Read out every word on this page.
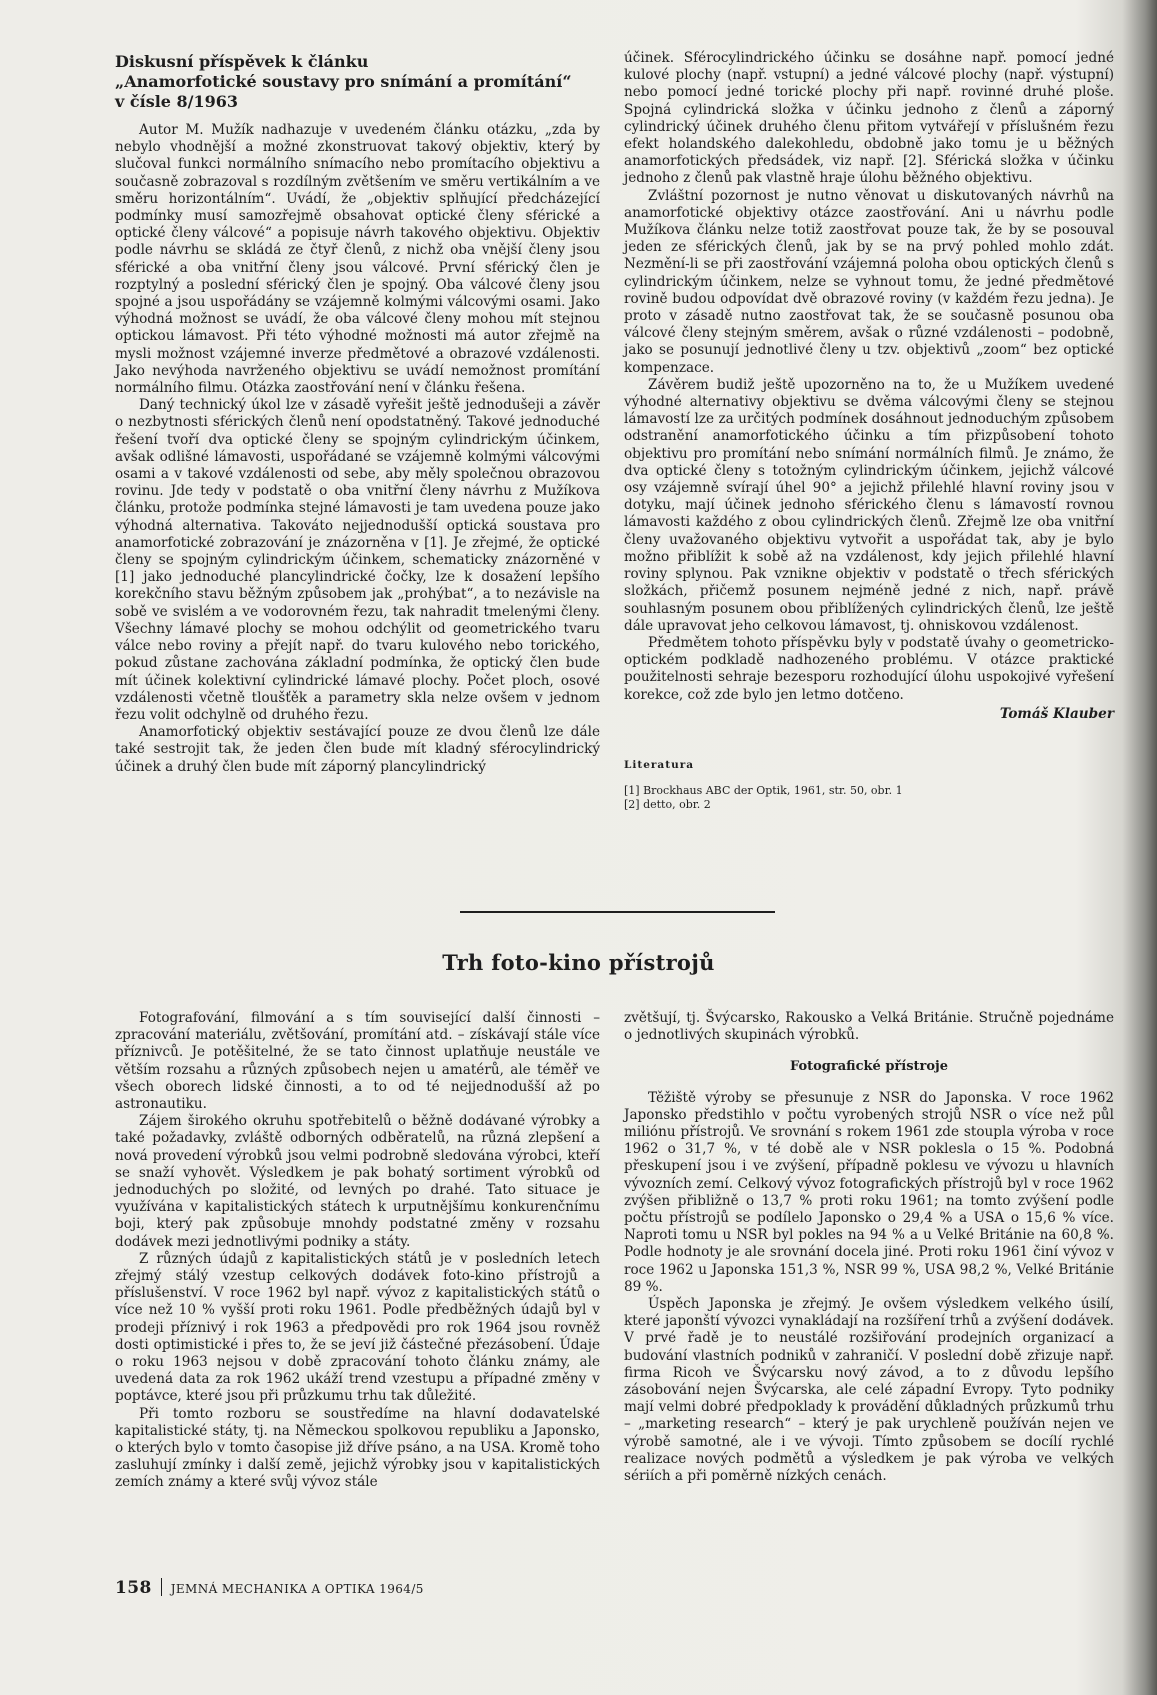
Diskusní příspěvek k článku
„Anamorfotické soustavy pro snímání a promítání“
v čísle 8/1963

Autor M. Mužík nadhazuje v uvedeném článku otázku, „zda by nebylo vhodnější a možné zkonstruovat takový objektiv, který by slučoval funkci normálního snímacího nebo promítacího objektivu a současně zobrazoval s rozdílným zvětšením ve směru vertikálním a ve směru horizontálním“. Uvádí, že „objektiv splňující předcházející podmínky musí samozřejmě obsahovat optické členy sférické a optické členy válcové“ a popisuje návrh takového objektivu. Objektiv podle návrhu se skládá ze čtyř členů, z nichž oba vnější členy jsou sférické a oba vnitřní členy jsou válcové. První sférický člen je rozptylný a poslední sférický člen je spojný. Oba válcové členy jsou spojné a jsou uspořádány se vzájemně kolmými válcovými osami. Jako výhodná možnost se uvádí, že oba válcové členy mohou mít stejnou optickou lámavost. Při této výhodné možnosti má autor zřejmě na mysli možnost vzájemné inverze předmětové a obrazové vzdálenosti. Jako nevýhoda navrženého objektivu se uvádí nemožnost promítání normálního filmu. Otázka zaostřování není v článku řešena.

Daný technický úkol lze v zásadě vyřešit ještě jednodušeji a závěr o nezbytnosti sférických členů není opodstatněný. Takové jednoduché řešení tvoří dva optické členy se spojným cylindrickým účinkem, avšak odlišné lámavosti, uspořádané se vzájemně kolmými válcovými osami a v takové vzdálenosti od sebe, aby měly společnou obrazovou rovinu. Jde tedy v podstatě o oba vnitřní členy návrhu z Mužíkova článku, protože podmínka stejné lámavosti je tam uvedena pouze jako výhodná alternativa. Takováto nejjednodušší optická soustava pro anamorfotické zobrazování je znázorněna v [1]. Je zřejmé, že optické členy se spojným cylindrickým účinkem, schematicky znázorněné v [1] jako jednoduché plancylindrické čočky, lze k dosažení lepšího korekčního stavu běžným způsobem jak „prohýbat“, a to nezávisle na sobě ve svislém a ve vodorovném řezu, tak nahradit tmelenými členy. Všechny lámavé plochy se mohou odchýlit od geometrického tvaru válce nebo roviny a přejít např. do tvaru kulového nebo torického, pokud zůstane zachována základní podmínka, že optický člen bude mít účinek kolektivní cylindrické lámavé plochy. Počet ploch, osové vzdálenosti včetně tloušťěk a parametry skla nelze ovšem v jednom řezu volit odchylně od druhého řezu.

Anamorfotický objektiv sestávající pouze ze dvou členů lze dále také sestrojit tak, že jeden člen bude mít kladný sférocylindrický účinek a druhý člen bude mít záporný plancylindrický

účinek. Sférocylindrického účinku se dosáhne např. pomocí jedné kulové plochy (např. vstupní) a jedné válcové plochy (např. výstupní) nebo pomocí jedné torické plochy při např. rovinné druhé ploše. Spojná cylindrická složka v účinku jednoho z členů a záporný cylindrický účinek druhého členu přitom vytvářejí v příslušném řezu efekt holandského dalekohledu, obdobně jako tomu je u běžných anamorfotických předsádek, viz např. [2]. Sférická složka v účinku jednoho z členů pak vlastně hraje úlohu běžného objektivu.

Zvláštní pozornost je nutno věnovat u diskutovaných návrhů na anamorfotické objektivy otázce zaostřování. Ani u návrhu podle Mužíkova článku nelze totiž zaostřovat pouze tak, že by se posouval jeden ze sférických členů, jak by se na prvý pohled mohlo zdát. Nezmění-li se při zaostřování vzájemná poloha obou optických členů s cylindrickým účinkem, nelze se vyhnout tomu, že jedné předmětové rovině budou odpovídat dvě obrazové roviny (v každém řezu jedna). Je proto v zásadě nutno zaostřovat tak, že se současně posunou oba válcové členy stejným směrem, avšak o různé vzdálenosti – podobně, jako se posunují jednotlivé členy u tzv. objektivů „zoom“ bez optické kompenzace.

Závěrem budiž ještě upozorněno na to, že u Mužíkem uvedené výhodné alternativy objektivu se dvěma válcovými členy se stejnou lámavostí lze za určitých podmínek dosáhnout jednoduchým způsobem odstranění anamorfotického účinku a tím přizpůsobení tohoto objektivu pro promítání nebo snímání normálních filmů. Je známo, že dva optické členy s totožným cylindrickým účinkem, jejichž válcové osy vzájemně svírají úhel 90° a jejichž přilehlé hlavní roviny jsou v dotyku, mají účinek jednoho sférického členu s lámavostí rovnou lámavosti každého z obou cylindrických členů. Zřejmě lze oba vnitřní členy uvažovaného objektivu vytvořit a uspořádat tak, aby je bylo možno přiblížit k sobě až na vzdálenost, kdy jejich přilehlé hlavní roviny splynou. Pak vznikne objektiv v podstatě o třech sférických složkách, přičemž posunem nejméně jedné z nich, např. právě souhlasným posunem obou přiblížených cylindrických členů, lze ještě dále upravovat jeho celkovou lámavost, tj. ohniskovou vzdálenost.

Předmětem tohoto příspěvku byly v podstatě úvahy o geometricko-optickém podkladě nadhozeného problému. V otázce praktické použitelnosti sehraje bezesporu rozhodující úlohu uspokojivé vyřešení korekce, což zde bylo jen letmo dotčeno.

Tomáš Klauber
Literatura
[1] Brockhaus ABC der Optik, 1961, str. 50, obr. 1
[2] detto, obr. 2
Trh foto-kino přístrojů

Fotografování, filmování a s tím související další činnosti – zpracování materiálu, zvětšování, promítání atd. – získávají stále více příznivců. Je potěšitelné, že se tato činnost uplatňuje neustále ve větším rozsahu a různých způsobech nejen u amatérů, ale téměř ve všech oborech lidské činnosti, a to od té nejjednodušší až po astronautiku.

Zájem širokého okruhu spotřebitelů o běžně dodávané výrobky a také požadavky, zvláště odborných odběratelů, na různá zlepšení a nová provedení výrobků jsou velmi podrobně sledována výrobci, kteří se snaží vyhovět. Výsledkem je pak bohatý sortiment výrobků od jednoduchých po složité, od levných po drahé. Tato situace je využívána v kapitalistických státech k urputnějšímu konkurenčnímu boji, který pak způsobuje mnohdy podstatné změny v rozsahu dodávek mezi jednotlivými podniky a státy.

Z různých údajů z kapitalistických států je v posledních letech zřejmý stálý vzestup celkových dodávek foto-kino přístrojů a příslušenství. V roce 1962 byl např. vývoz z kapitalistických států o více než 10 % vyšší proti roku 1961. Podle předběžných údajů byl v prodeji příznivý i rok 1963 a předpovědi pro rok 1964 jsou rovněž dosti optimistické i přes to, že se jeví již částečné přezásobení. Údaje o roku 1963 nejsou v době zpracování tohoto článku známy, ale uvedená data za rok 1962 ukáží trend vzestupu a případné změny v poptávce, které jsou při průzkumu trhu tak důležité.

Při tomto rozboru se soustředíme na hlavní dodavatelské kapitalistické státy, tj. na Německou spolkovou republiku a Japonsko, o kterých bylo v tomto časopise již dříve psáno, a na USA. Kromě toho zasluhují zmínky i další země, jejichž výrobky jsou v kapitalistických zemích známy a které svůj vývoz stále

zvětšují, tj. Švýcarsko, Rakousko a Velká Británie. Stručně pojednáme o jednotlivých skupinách výrobků.

Fotografické přístroje

Těžiště výroby se přesunuje z NSR do Japonska. V roce 1962 Japonsko předstihlo v počtu vyrobených strojů NSR o více než půl miliónu přístrojů. Ve srovnání s rokem 1961 zde stoupla výroba v roce 1962 o 31,7 %, v té době ale v NSR poklesla o 15 %. Podobná přeskupení jsou i ve zvýšení, případně poklesu ve vývozu u hlavních vývozních zemí. Celkový vývoz fotografických přístrojů byl v roce 1962 zvýšen přibližně o 13,7 % proti roku 1961; na tomto zvýšení podle počtu přístrojů se podílelo Japonsko o 29,4 % a USA o 15,6 % více. Naproti tomu u NSR byl pokles na 94 % a u Velké Británie na 60,8 %. Podle hodnoty je ale srovnání docela jiné. Proti roku 1961 činí vývoz v roce 1962 u Japonska 151,3 %, NSR 99 %, USA 98,2 %, Velké Británie 89 %.

Úspěch Japonska je zřejmý. Je ovšem výsledkem velkého úsilí, které japonští vývozci vynakládají na rozšíření trhů a zvýšení dodávek. V prvé řadě je to neustálé rozšiřování prodejních organizací a budování vlastních podniků v zahraničí. V poslední době zřizuje např. firma Ricoh ve Švýcarsku nový závod, a to z důvodu lepšího zásobování nejen Švýcarska, ale celé západní Evropy. Tyto podniky mají velmi dobré předpoklady k provádění důkladných průzkumů trhu – „marketing research“ – který je pak urychleně používán nejen ve výrobě samotné, ale i ve vývoji. Tímto způsobem se docílí rychlé realizace nových podmětů a výsledkem je pak výroba ve velkých sériích a při poměrně nízkých cenách.

158 JEMNÁ MECHANIKA A OPTIKA 1964/5
